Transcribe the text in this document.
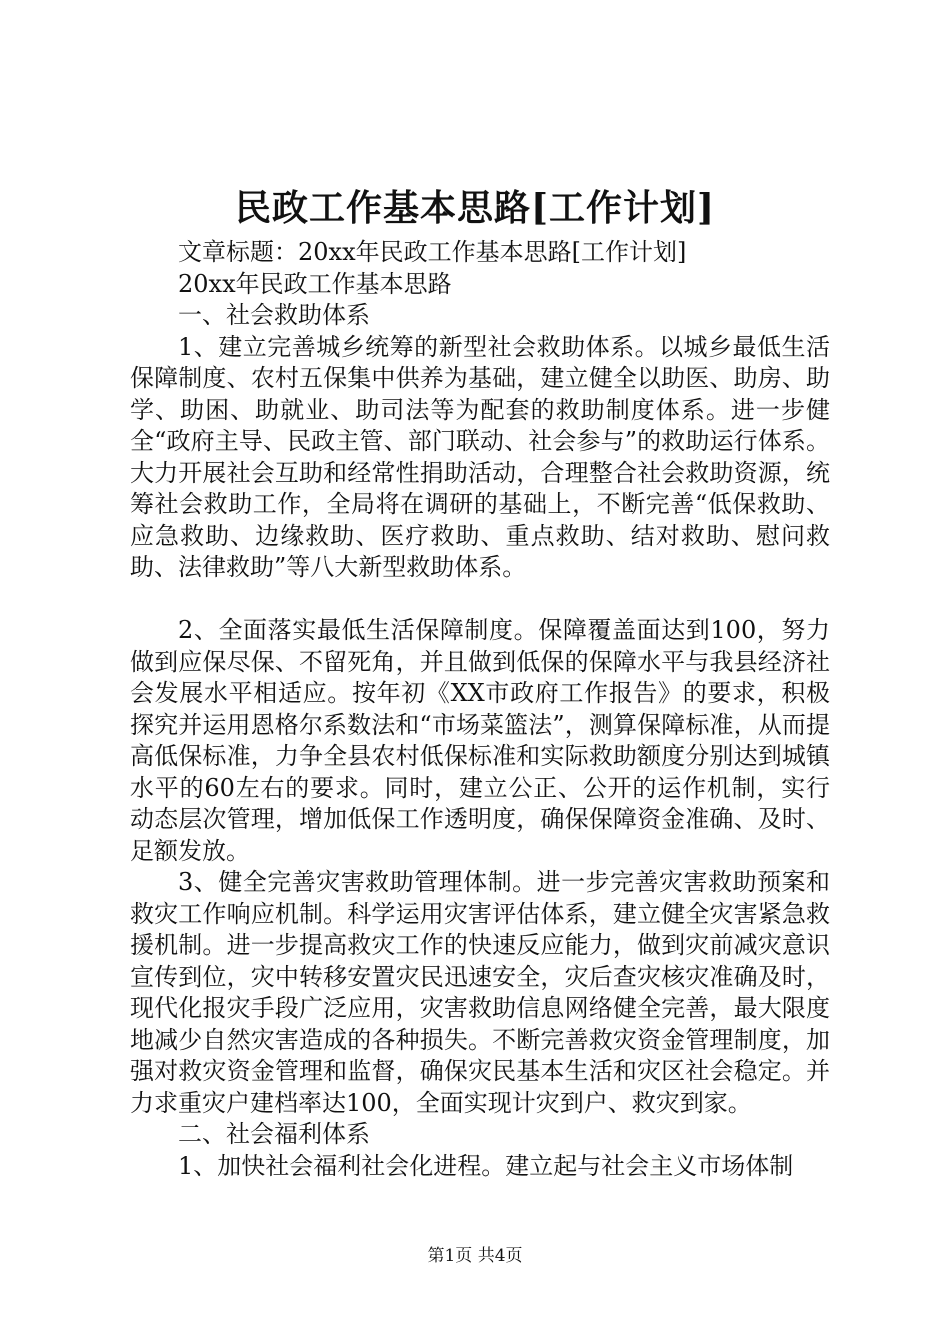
民政工作基本思路[工作计划]

文章标题：20xx年民政工作基本思路[工作计划]

20xx年民政工作基本思路

一、社会救助体系

1、建立完善城乡统筹的新型社会救助体系。以城乡最低生活保障制度、农村五保集中供养为基础，建立健全以助医、助房、助学、助困、助就业、助司法等为配套的救助制度体系。进一步健全“政府主导、民政主管、部门联动、社会参与”的救助运行体系。大力开展社会互助和经常性捐助活动，合理整合社会救助资源，统筹社会救助工作，全局将在调研的基础上，不断完善“低保救助、应急救助、边缘救助、医疗救助、重点救助、结对救助、慰问救助、法律救助”等八大新型救助体系。

2、全面落实最低生活保障制度。保障覆盖面达到100，努力做到应保尽保、不留死角，并且做到低保的保障水平与我县经济社会发展水平相适应。按年初《XX市政府工作报告》的要求，积极探究并运用恩格尔系数法和“市场菜篮法”，测算保障标准，从而提高低保标准，力争全县农村低保标准和实际救助额度分别达到城镇水平的60左右的要求。同时，建立公正、公开的运作机制，实行动态层次管理，增加低保工作透明度，确保保障资金准确、及时、足额发放。

3、健全完善灾害救助管理体制。进一步完善灾害救助预案和救灾工作响应机制。科学运用灾害评估体系，建立健全灾害紧急救援机制。进一步提高救灾工作的快速反应能力，做到灾前减灾意识宣传到位，灾中转移安置灾民迅速安全，灾后查灾核灾准确及时，现代化报灾手段广泛应用，灾害救助信息网络健全完善，最大限度地减少自然灾害造成的各种损失。不断完善救灾资金管理制度，加强对救灾资金管理和监督，确保灾民基本生活和灾区社会稳定。并力求重灾户建档率达100，全面实现计灾到户、救灾到家。

二、社会福利体系

1、加快社会福利社会化进程。建立起与社会主义市场体制

第1页 共4页
